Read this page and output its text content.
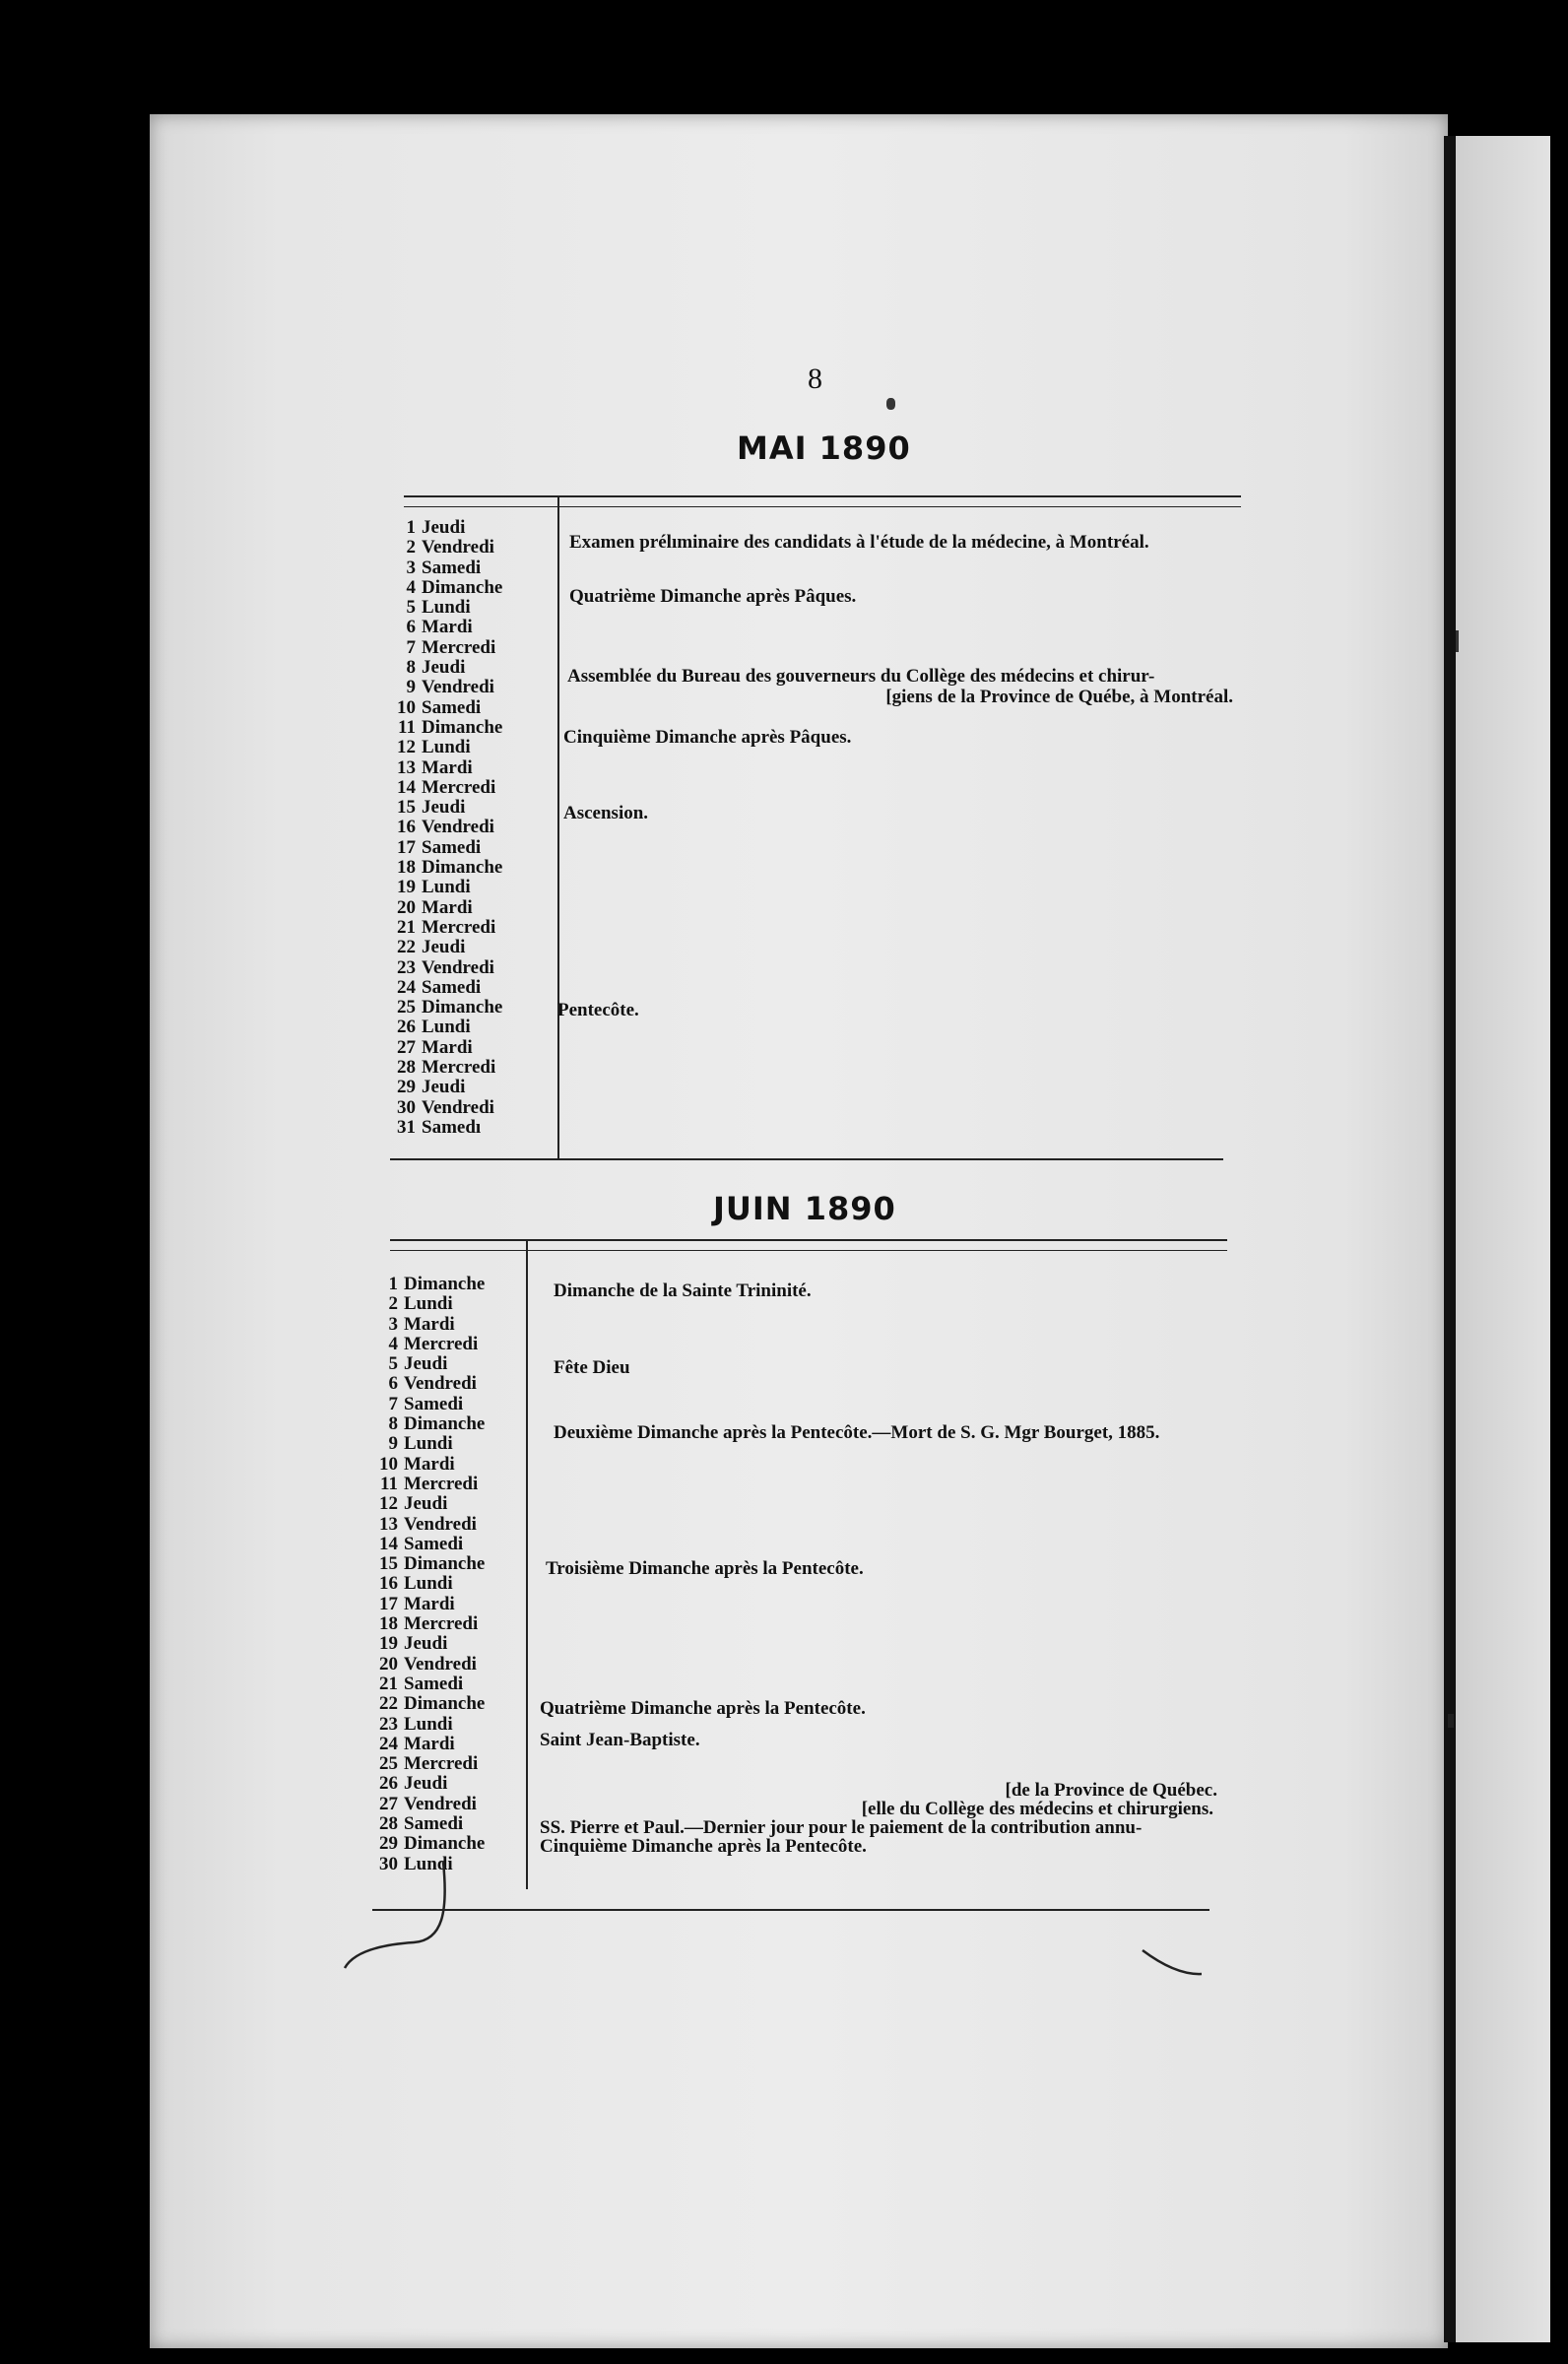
8
MAI 1890
1 Jeudi
2 Vendredi
3 Samedi
4 Dimanche
5 Lundi
6 Mardi
7 Mercredi
8 Jeudi
9 Vendredi
10 Samedi
11 Dimanche
12 Lundi
13 Mardi
14 Mercredi
15 Jeudi
16 Vendredi
17 Samedi
18 Dimanche
19 Lundi
20 Mardi
21 Mercredi
22 Jeudi
23 Vendredi
24 Samedi
25 Dimanche
26 Lundi
27 Mardi
28 Mercredi
29 Jeudi
30 Vendredi
31 Samedı
Examen prélıminaire des candidats à l'étude de la médecine, à Montréal.
Quatrième Dimanche après Pâques.
Assemblée du Bureau des gouverneurs du Collège des médecins et chirur-
[giens de la Province de Québe, à Montréal.
Cinquième Dimanche après Pâques.
Ascension.
Pentecôte.
JUIN 1890
1 Dimanche
2 Lundi
3 Mardi
4 Mercredi
5 Jeudi
6 Vendredi
7 Samedi
8 Dimanche
9 Lundi
10 Mardi
11 Mercredi
12 Jeudi
13 Vendredi
14 Samedi
15 Dimanche
16 Lundi
17 Mardi
18 Mercredi
19 Jeudi
20 Vendredi
21 Samedi
22 Dimanche
23 Lundi
24 Mardi
25 Mercredi
26 Jeudi
27 Vendredi
28 Samedi
29 Dimanche
30 Lundi
Dimanche de la Sainte Trininité.
Fête Dieu
Deuxième Dimanche après la Pentecôte.—Mort de S. G. Mgr Bourget, 1885.
Troisième Dimanche après la Pentecôte.
Quatrième Dimanche après la Pentecôte.
Saint Jean-Baptiste.
[de la Province de Québec.
[elle du Collège des médecins et chirurgiens.
SS. Pierre et Paul.—Dernier jour pour le paiement de la contribution annu-
Cinquième Dimanche après la Pentecôte.
